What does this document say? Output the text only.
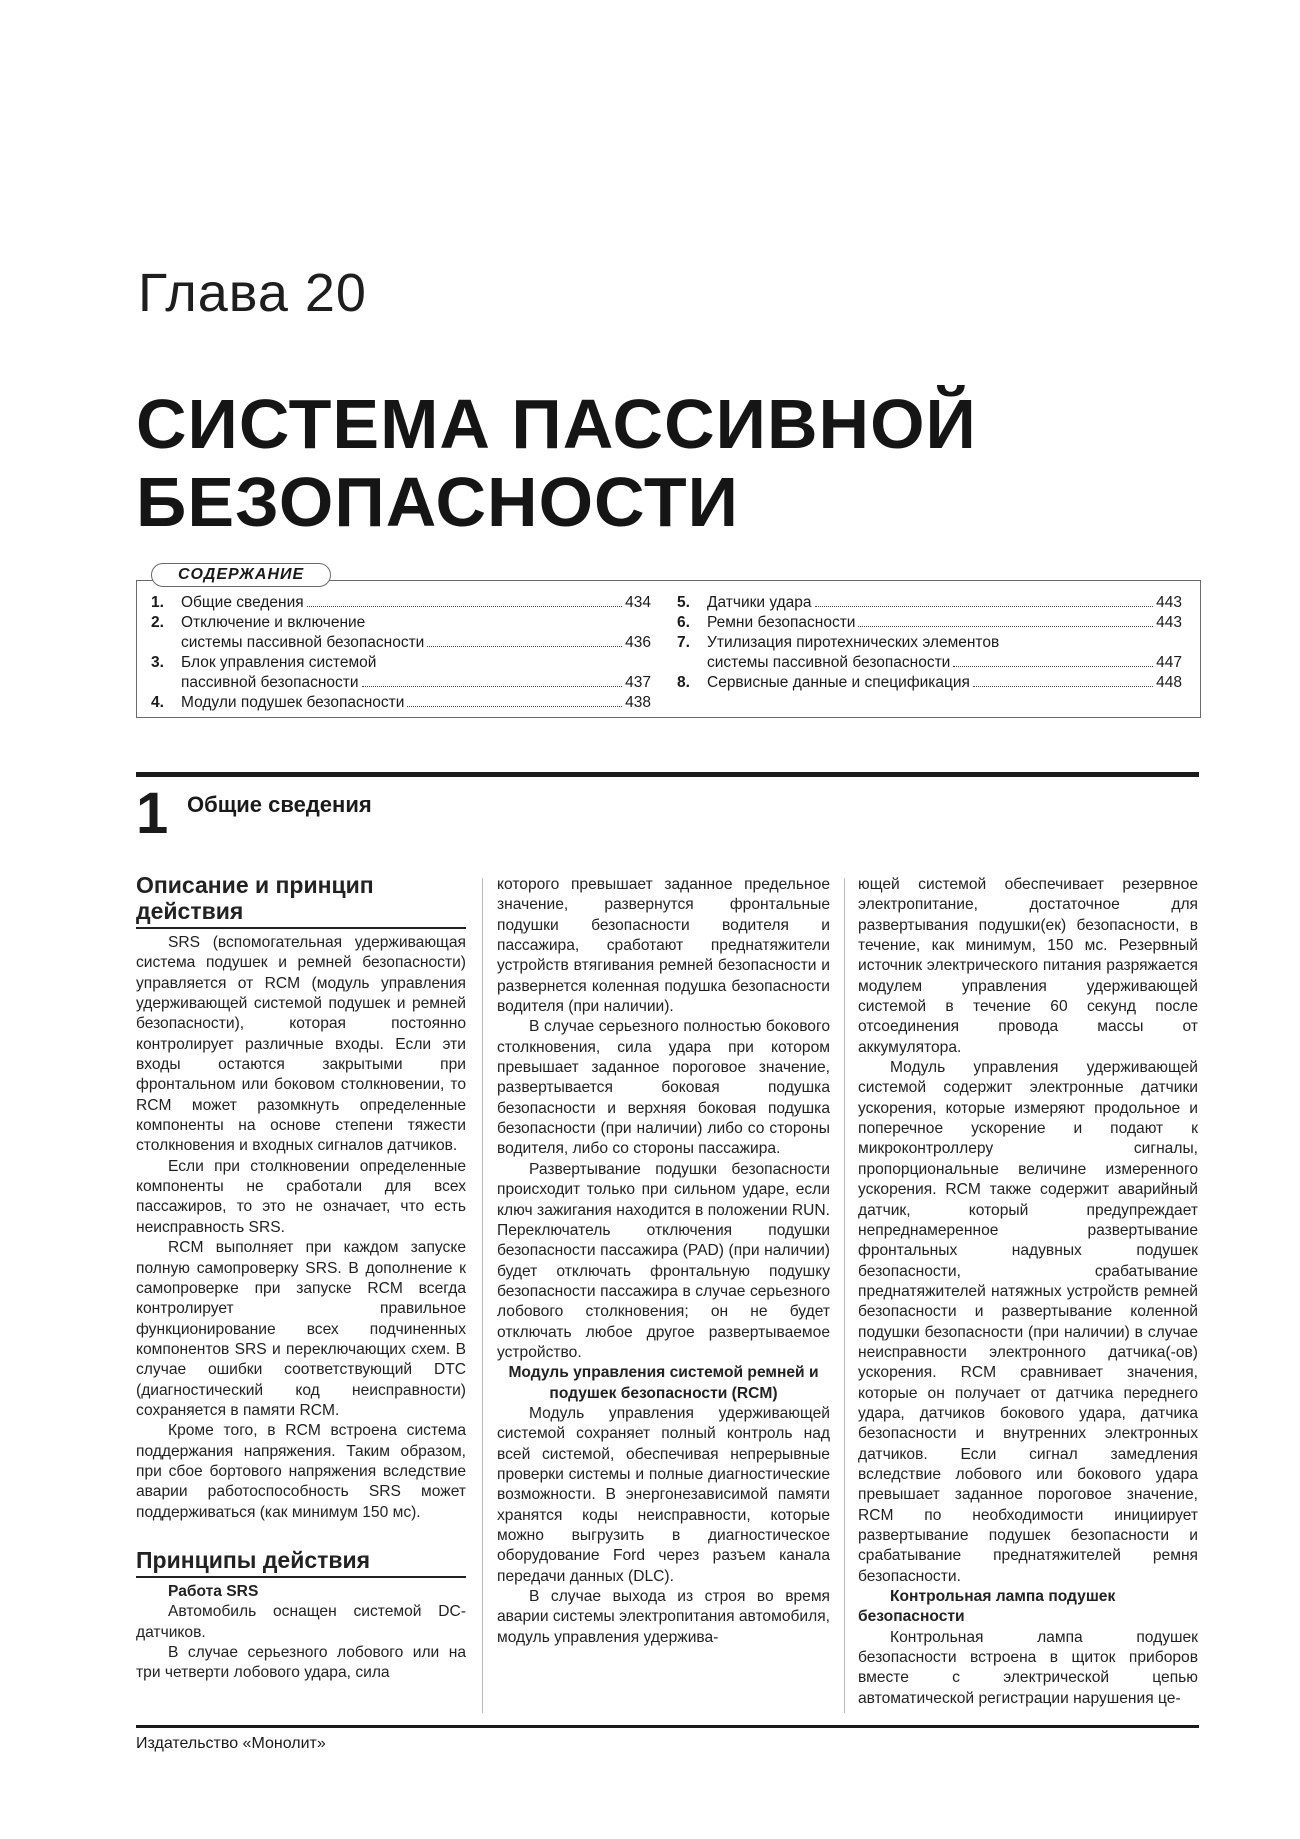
Глава 20
СИСТЕМА ПАССИВНОЙ БЕЗОПАСНОСТИ
СОДЕРЖАНИЕ
1.	Общие сведения	434
2.	Отключение и включение
системы пассивной безопасности	436
3.	Блок управления системой
пассивной безопасности	437
4.	Модули подушек безопасности	438
5.	Датчики удара	443
6.	Ремни безопасности	443
7.	Утилизация пиротехнических элементов
системы пассивной безопасности	447
8.	Сервисные данные и спецификация	448
1 Общие сведения
Описание и принцип действия

SRS (вспомогательная удерживающая система подушек и ремней безопасности) управляется от RCM (модуль управления удерживающей системой подушек и ремней безопасности), которая постоянно контролирует различные входы. Если эти входы остаются закрытыми при фронтальном или боковом столкновении, то RCM может разомкнуть определенные компоненты на основе степени тяжести столкновения и входных сигналов датчиков.

Если при столкновении определенные компоненты не сработали для всех пассажиров, то это не означает, что есть неисправность SRS.

RCM выполняет при каждом запуске полную самопроверку SRS. В дополнение к самопроверке при запуске RCM всегда контролирует правильное функционирование всех подчиненных компонентов SRS и переключающих схем. В случае ошибки соответствующий DTC (диагностический код неисправности) сохраняется в памяти RCM.

Кроме того, в RCM встроена система поддержания напряжения. Таким образом, при сбое бортового напряжения вследствие аварии работоспособность SRS может поддерживаться (как минимум 150 мс).

Принципы действия

Работа SRS

Автомобиль оснащен системой DC-датчиков.

В случае серьезного лобового или на три четверти лобового удара, сила

которого превышает заданное предельное значение, развернутся фронтальные подушки безопасности водителя и пассажира, сработают преднатяжители устройств втягивания ремней безопасности и развернется коленная подушка безопасности водителя (при наличии).

В случае серьезного полностью бокового столкновения, сила удара при котором превышает заданное пороговое значение, развертывается боковая подушка безопасности и верхняя боковая подушка безопасности (при наличии) либо со стороны водителя, либо со стороны пассажира.

Развертывание подушки безопасности происходит только при сильном ударе, если ключ зажигания находится в положении RUN. Переключатель отключения подушки безопасности пассажира (PAD) (при наличии) будет отключать фронтальную подушку безопасности пассажира в случае серьезного лобового столкновения; он не будет отключать любое другое развертываемое устройство.

Модуль управления системой ремней и подушек безопасности (RCM)

Модуль управления удерживающей системой сохраняет полный контроль над всей системой, обеспечивая непрерывные проверки системы и полные диагностические возможности. В энергонезависимой памяти хранятся коды неисправности, которые можно выгрузить в диагностическое оборудование Ford через разъем канала передачи данных (DLC).

В случае выхода из строя во время аварии системы электропитания автомобиля, модуль управления удержива-

ющей системой обеспечивает резервное электропитание, достаточное для развертывания подушки(ек) безопасности, в течение, как минимум, 150 мс. Резервный источник электрического питания разряжается модулем управления удерживающей системой в течение 60 секунд после отсоединения провода массы от аккумулятора.

Модуль управления удерживающей системой содержит электронные датчики ускорения, которые измеряют продольное и поперечное ускорение и подают к микроконтроллеру сигналы, пропорциональные величине измеренного ускорения. RCM также содержит аварийный датчик, который предупреждает непреднамеренное развертывание фронтальных надувных подушек безопасности, срабатывание преднатяжителей натяжных устройств ремней безопасности и развертывание коленной подушки безопасности (при наличии) в случае неисправности электронного датчика(-ов) ускорения. RCM сравнивает значения, которые он получает от датчика переднего удара, датчиков бокового удара, датчика безопасности и внутренних электронных датчиков. Если сигнал замедления вследствие лобового или бокового удара превышает заданное пороговое значение, RCM по необходимости инициирует развертывание подушек безопасности и срабатывание преднатяжителей ремня безопасности.

Контрольная лампа подушек безопасности

Контрольная лампа подушек безопасности встроена в щиток приборов вместе с электрической цепью автоматической регистрации нарушения це-

Издательство «Монолит»
